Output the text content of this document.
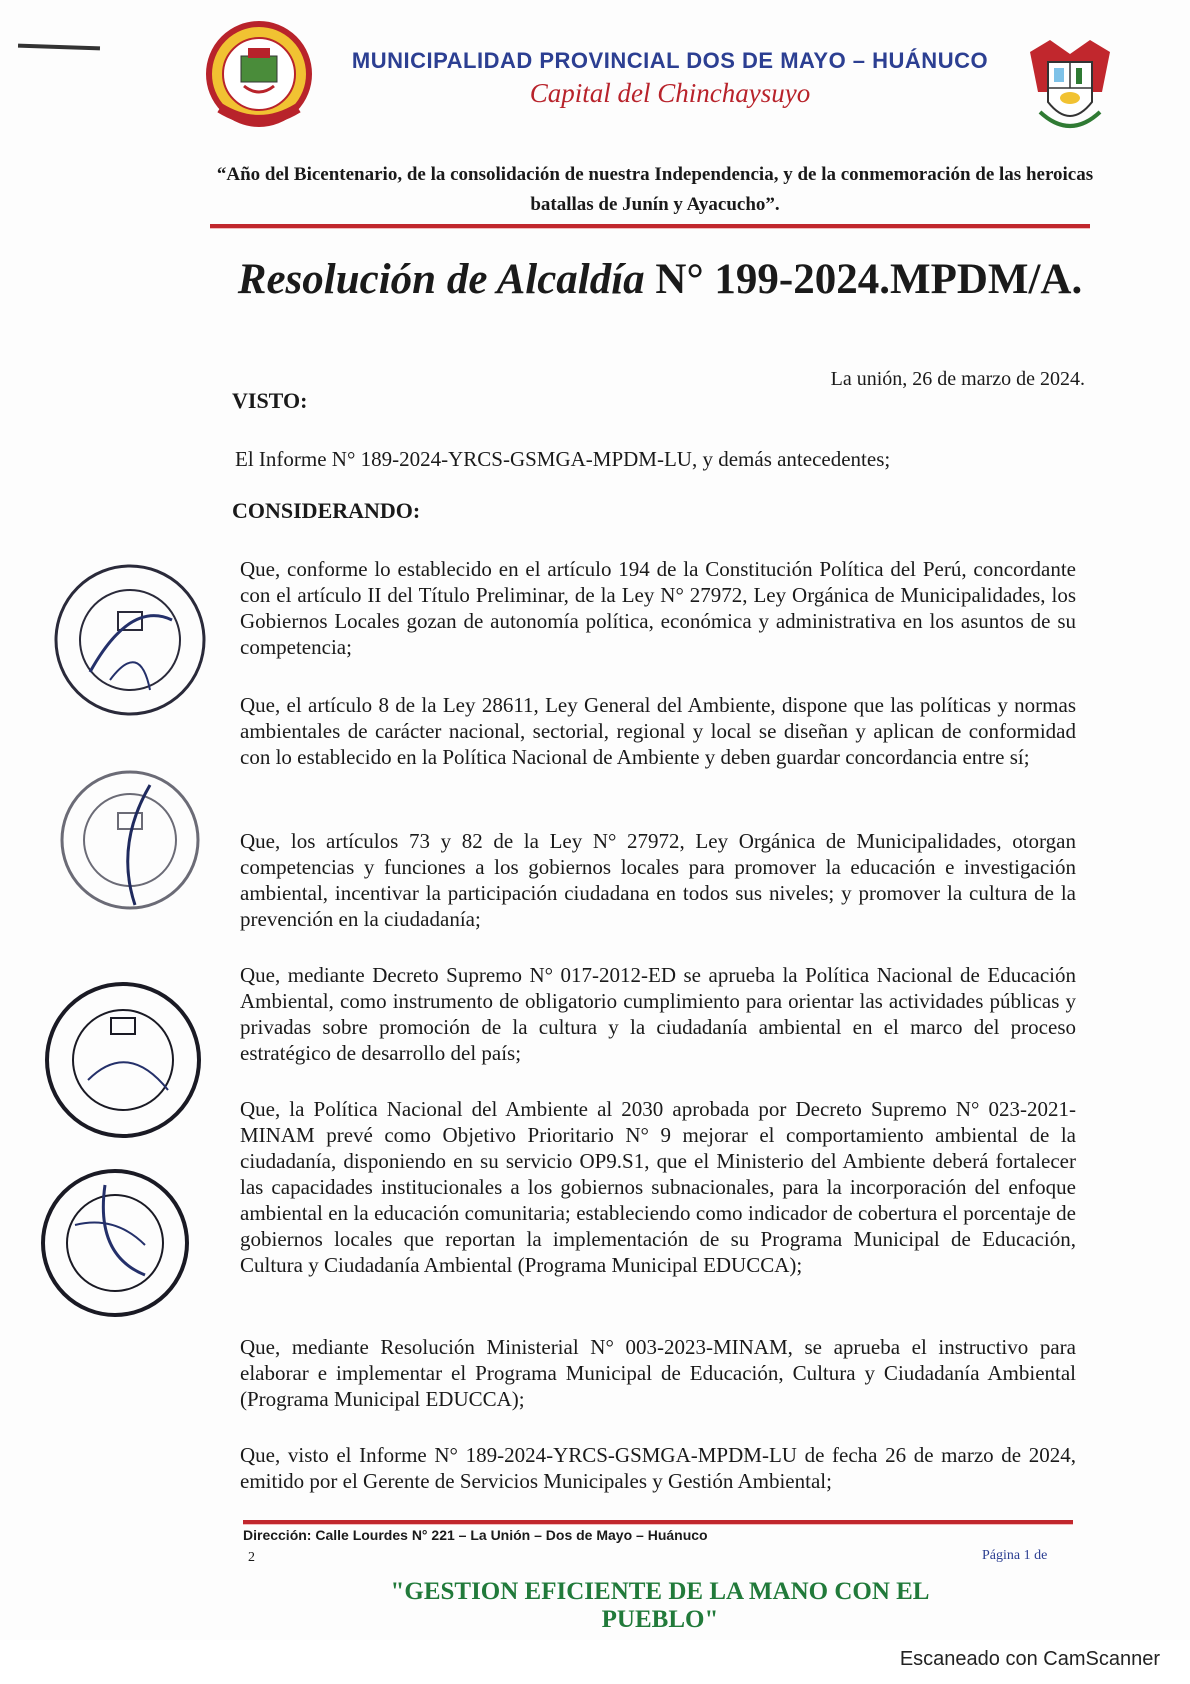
MUNICIPALIDAD PROVINCIAL DOS DE MAYO – HUÁNUCO
Capital del Chinchaysuyo
“Año del Bicentenario, de la consolidación de nuestra Independencia, y de la conmemoración de las heroicas batallas de Junín y Ayacucho”.
Resolución de Alcaldía N° 199-2024.MPDM/A.
La unión, 26 de marzo de 2024.
VISTO:
El Informe N° 189-2024-YRCS-GSMGA-MPDM-LU, y demás antecedentes;
CONSIDERANDO:
Que, conforme lo establecido en el artículo 194 de la Constitución Política del Perú, concordante con el artículo II del Título Preliminar, de la Ley N° 27972, Ley Orgánica de Municipalidades, los Gobiernos Locales gozan de autonomía política, económica y administrativa en los asuntos de su competencia;
Que, el artículo 8 de la Ley 28611, Ley General del Ambiente, dispone que las políticas y normas ambientales de carácter nacional, sectorial, regional y local se diseñan y aplican de conformidad con lo establecido en la Política Nacional de Ambiente y deben guardar concordancia entre sí;
Que, los artículos 73 y 82 de la Ley N° 27972, Ley Orgánica de Municipalidades, otorgan competencias y funciones a los gobiernos locales para promover la educación e investigación ambiental, incentivar la participación ciudadana en todos sus niveles; y promover la cultura de la prevención en la ciudadanía;
Que, mediante Decreto Supremo N° 017-2012-ED se aprueba la Política Nacional de Educación Ambiental, como instrumento de obligatorio cumplimiento para orientar las actividades públicas y privadas sobre promoción de la cultura y la ciudadanía ambiental en el marco del proceso estratégico de desarrollo del país;
Que, la Política Nacional del Ambiente al 2030 aprobada por Decreto Supremo N° 023-2021-MINAM prevé como Objetivo Prioritario N° 9 mejorar el comportamiento ambiental de la ciudadanía, disponiendo en su servicio OP9.S1, que el Ministerio del Ambiente deberá fortalecer las capacidades institucionales a los gobiernos subnacionales, para la incorporación del enfoque ambiental en la educación comunitaria; estableciendo como indicador de cobertura el porcentaje de gobiernos locales que reportan la implementación de su Programa Municipal de Educación, Cultura y Ciudadanía Ambiental (Programa Municipal EDUCCA);
Que, mediante Resolución Ministerial N° 003-2023-MINAM, se aprueba el instructivo para elaborar e implementar el Programa Municipal de Educación, Cultura y Ciudadanía Ambiental (Programa Municipal EDUCCA);
Que, visto el Informe N° 189-2024-YRCS-GSMGA-MPDM-LU de fecha 26 de marzo de 2024, emitido por el Gerente de Servicios Municipales y Gestión Ambiental;
Dirección: Calle Lourdes N° 221 – La Unión – Dos de Mayo – Huánuco
2	Página 1 de
"GESTION EFICIENTE DE LA MANO CON EL PUEBLO"
Escaneado con CamScanner
